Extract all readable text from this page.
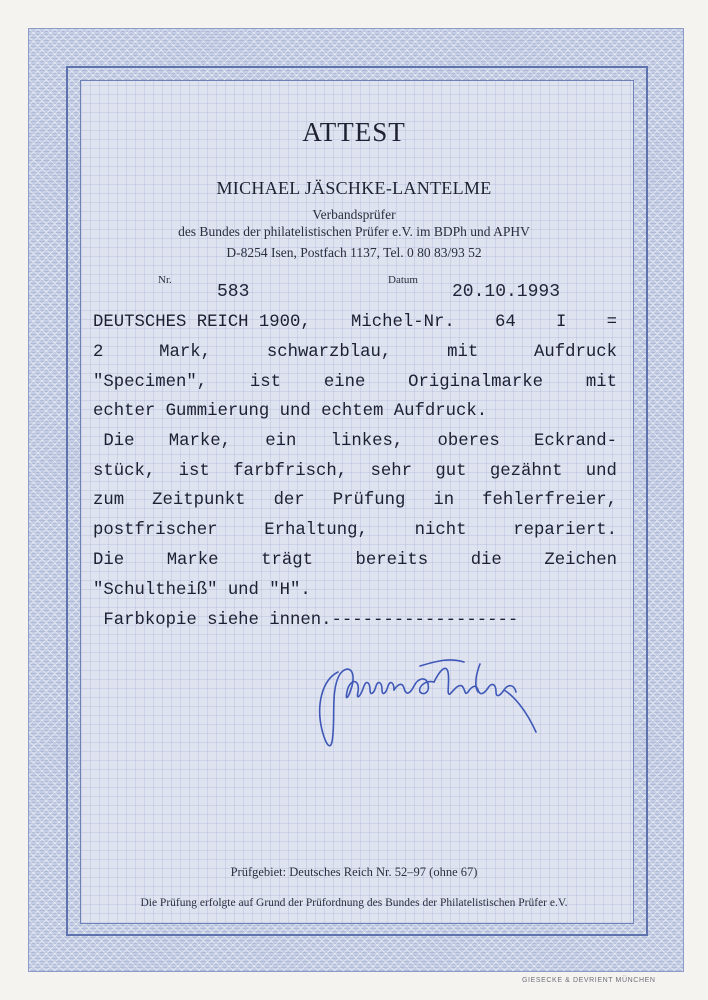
ATTEST
MICHAEL JÄSCHKE-LANTELME
Verbandsprüfer
des Bundes der philatelistischen Prüfer e.V. im BDPh und APHV
D-8254 Isen, Postfach 1137, Tel. 0 80 83/93 52
Nr.
583
Datum
20.10.1993
DEUTSCHES REICH 1900, Michel-Nr. 64 I =
2	Mark,	schwarzblau,	mit	Aufdruck
"Specimen", ist eine Originalmarke mit
echter Gummierung und echtem Aufdruck.
Die Marke, ein linkes, oberes Eckrand-
stück, ist farbfrisch, sehr gut gezähnt und
zum Zeitpunkt der Prüfung in fehlerfreier,
postfrischer	Erhaltung,	nicht	repariert.
Die Marke trägt bereits die Zeichen
"Schultheiß" und "H".
Farbkopie siehe innen.------------------
Prüfgebiet: Deutsches Reich Nr. 52–97 (ohne 67)
Die Prüfung erfolgte auf Grund der Prüfordnung des Bundes der Philatelistischen Prüfer e.V.
GIESECKE & DEVRIENT MÜNCHEN
